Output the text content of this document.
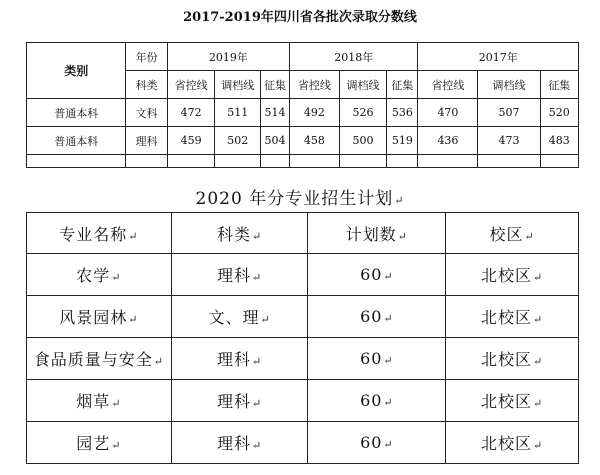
2017-2019年四川省各批次录取分数线
类别	年份	2019年			2018年			2017年		
	科类	省控线	调档线	征集	省控线	调档线	征集	省控线	调档线	征集
普通本科	文科	472	511	514	492	526	536	470	507	520
普通本科	理科	459	502	504	458	500	519	436	473	483

2020 年分专业招生计划↵
专业名称↵	科类↵	计划数↵	校区↵
农学↵	理科↵	60↵	北校区↵
风景园林↵	文、理↵	60↵	北校区↵
食品质量与安全↵	理科↵	60↵	北校区↵
烟草↵	理科↵	60↵	北校区↵
园艺↵	理科↵	60↵	北校区↵
